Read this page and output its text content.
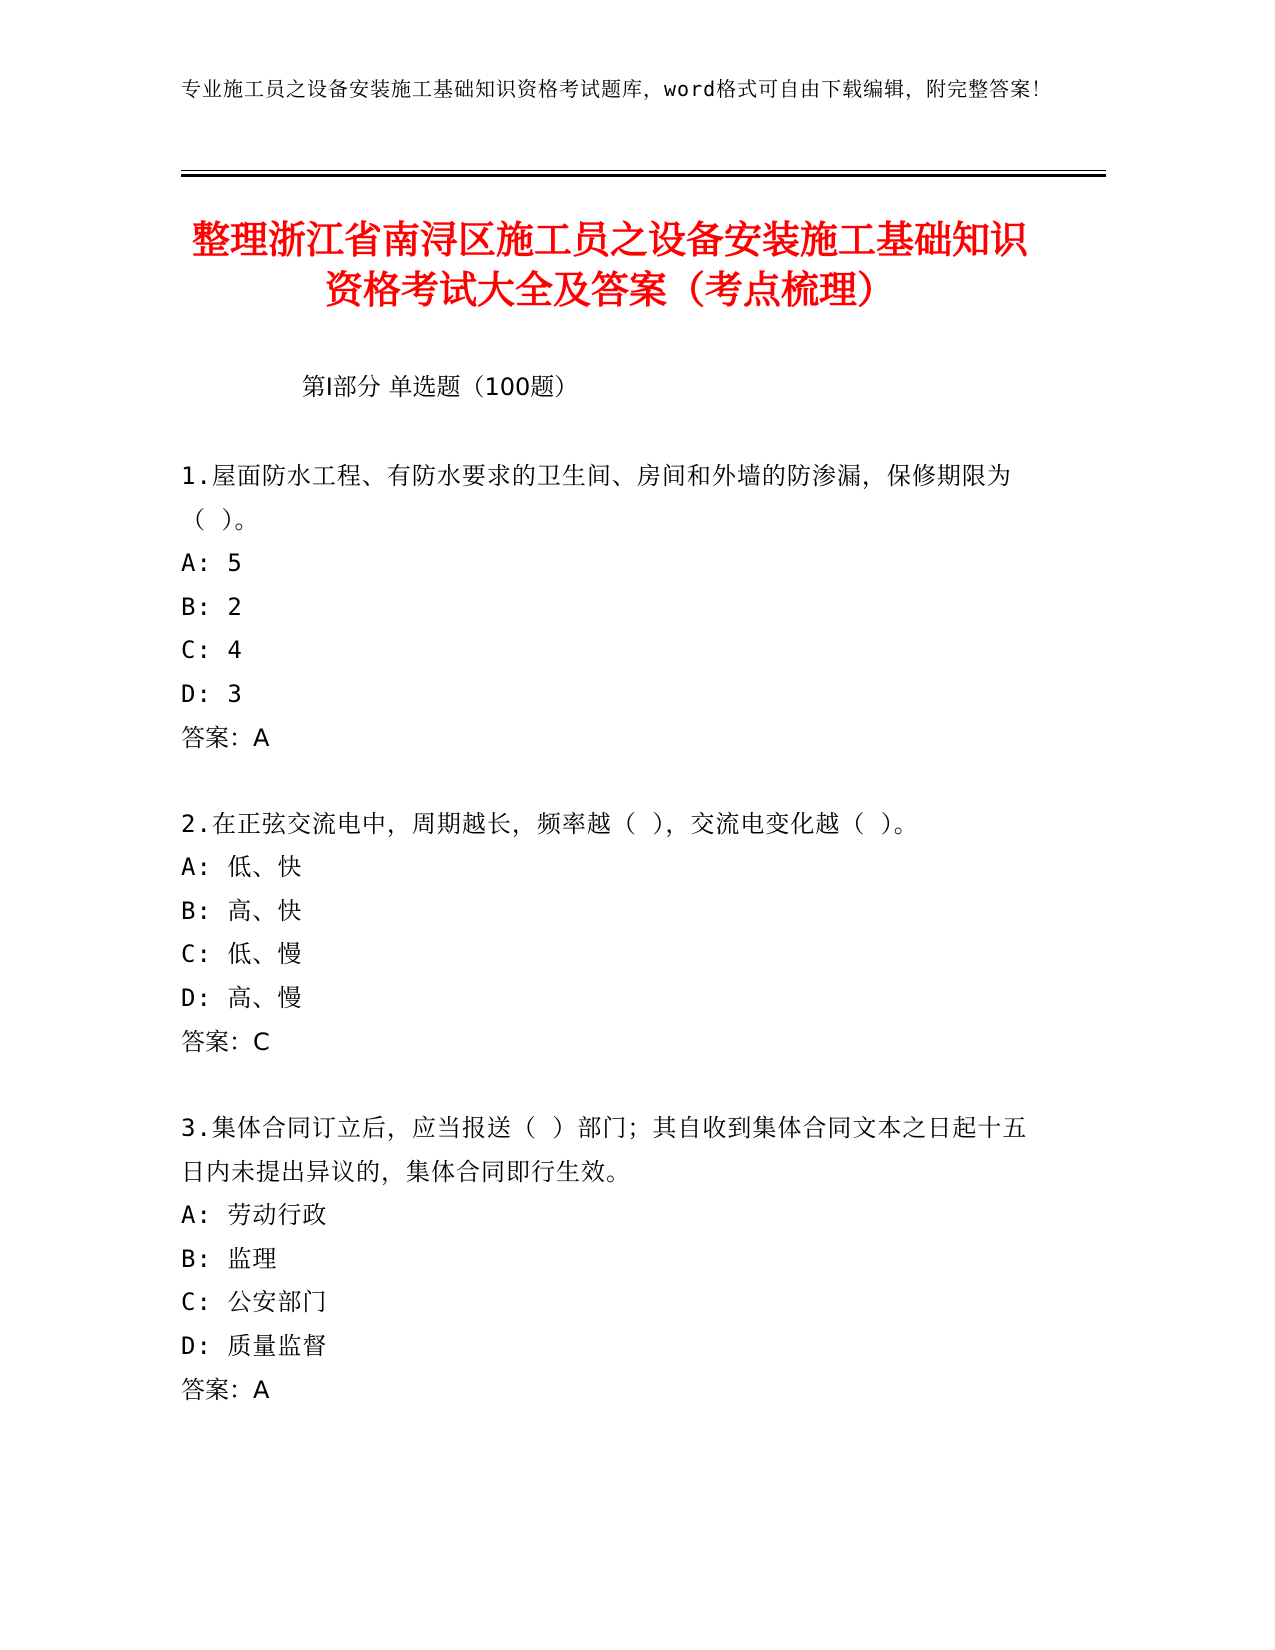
专业施工员之设备安装施工基础知识资格考试题库，word格式可自由下载编辑，附完整答案！
整理浙江省南浔区施工员之设备安装施工基础知识资格考试大全及答案（考点梳理）
第Ⅰ部分 单选题（100题）
1.屋面防水工程、有防水要求的卫生间、房间和外墙的防渗漏，保修期限为（ ）。
A: 5
B: 2
C: 4
D: 3
答案：A
2.在正弦交流电中，周期越长，频率越（ ），交流电变化越（ ）。
A: 低、快
B: 高、快
C: 低、慢
D: 高、慢
答案：C
3.集体合同订立后，应当报送（ ）部门；其自收到集体合同文本之日起十五日内未提出异议的，集体合同即行生效。
A: 劳动行政
B: 监理
C: 公安部门
D: 质量监督
答案：A
